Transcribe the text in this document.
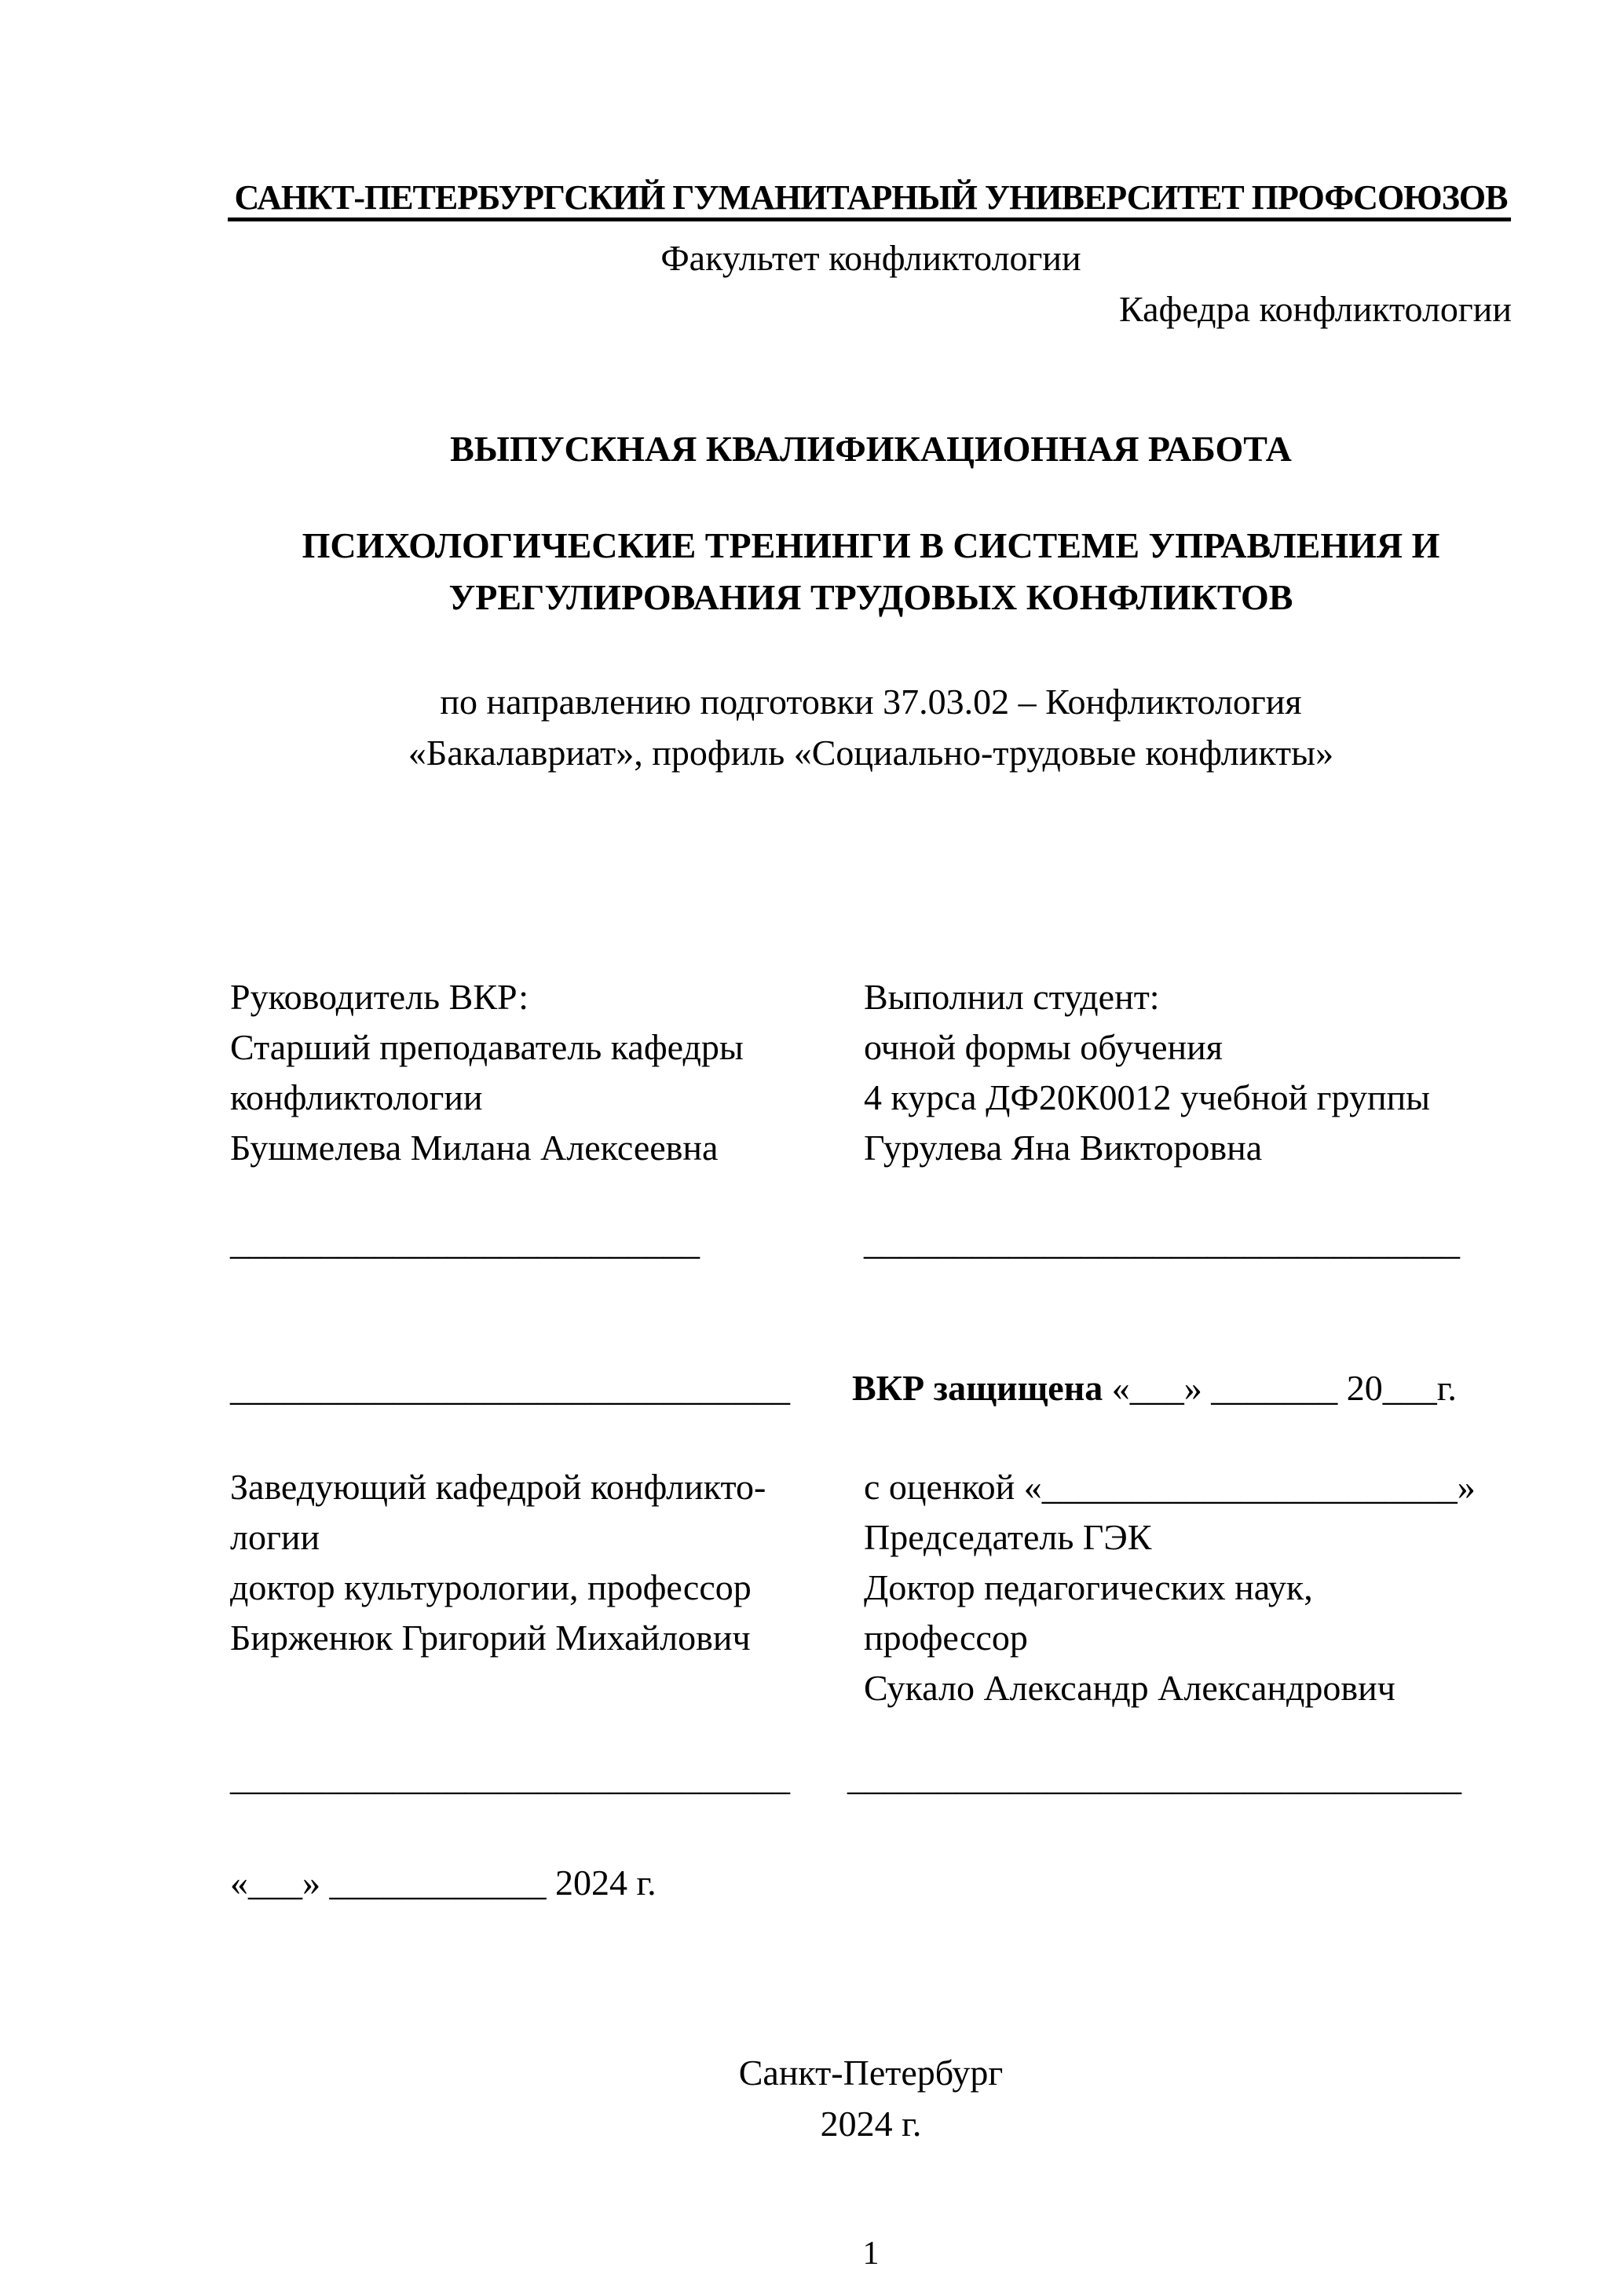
САНКТ-ПЕТЕРБУРГСКИЙ ГУМАНИТАРНЫЙ УНИВЕРСИТЕТ ПРОФСОЮЗОВ
Факультет конфликтологии
Кафедра конфликтологии
ВЫПУСКНАЯ КВАЛИФИКАЦИОННАЯ РАБОТА
ПСИХОЛОГИЧЕСКИЕ ТРЕНИНГИ В СИСТЕМЕ УПРАВЛЕНИЯ И
УРЕГУЛИРОВАНИЯ ТРУДОВЫХ КОНФЛИКТОВ
по направлению подготовки 37.03.02 – Конфликтология
«Бакалавриат», профиль «Социально-трудовые конфликты»
Руководитель ВКР:
Старший преподаватель кафедры
конфликтологии
Бушмелева Милана Алексеевна
Выполнил студент:
очной формы обучения
4 курса ДФ20К0012 учебной группы
Гурулева Яна Викторовна
__________________________	_________________________________
_______________________________ ВКР защищена «___» _______ 20___г.
Заведующий кафедрой конфликто-
логии
доктор культурологии, профессор
Бирженюк Григорий Михайлович
с оценкой «_______________________»
Председатель ГЭК
Доктор педагогических наук,
профессор
Сукало Александр Александрович
_______________________________ __________________________________
«___» ____________ 2024 г.
Санкт-Петербург
2024 г.
1
